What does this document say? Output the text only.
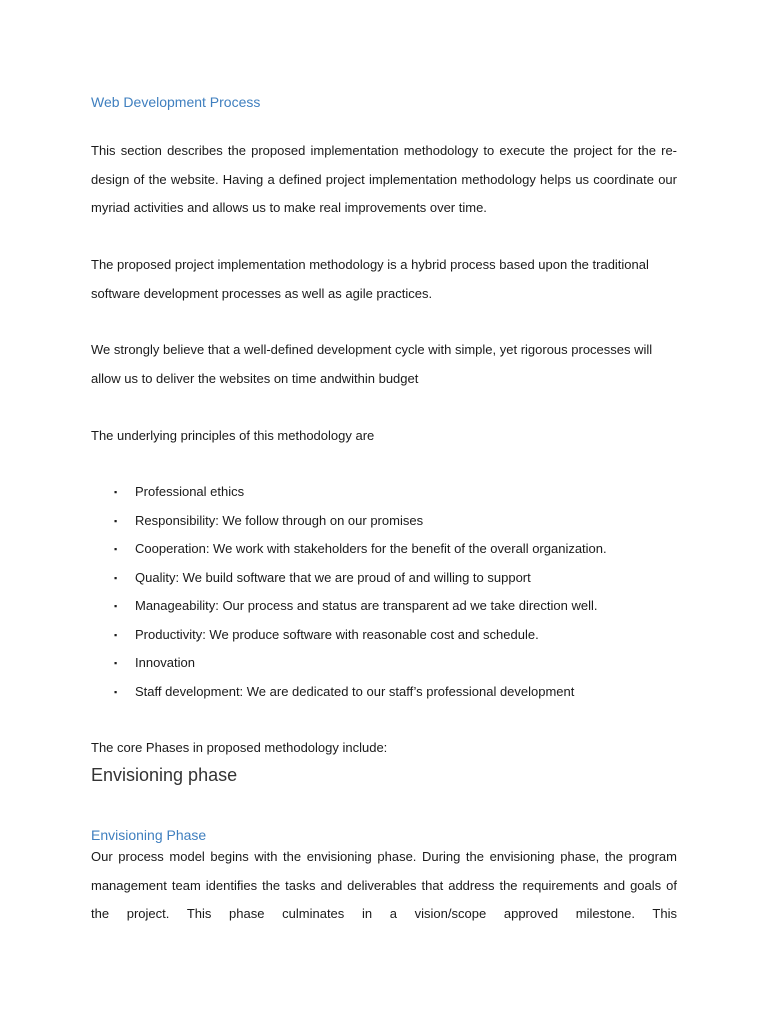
Web Development Process

This section describes the proposed implementation methodology to execute the project for the re-design of the website. Having a defined project implementation methodology helps us coordinate our myriad activities and allows us to make real improvements over time.

The proposed project implementation methodology is a hybrid process based upon the traditional software development processes as well as agile practices.

We strongly believe that a well-defined development cycle with simple, yet rigorous processes will allow us to deliver the websites on time andwithin budget

The underlying principles of this methodology are

▪ Professional ethics
▪ Responsibility: We follow through on our promises
▪ Cooperation: We work with stakeholders for the benefit of the overall organization.
▪ Quality: We build software that we are proud of and willing to support
▪ Manageability: Our process and status are transparent ad we take direction well.
▪ Productivity: We produce software with reasonable cost and schedule.
▪ Innovation
▪ Staff development: We are dedicated to our staff’s professional development

The core Phases in proposed methodology include:

Envisioning phase
Envisioning Phase

Our process model begins with the envisioning phase. During the envisioning phase, the program management team identifies the tasks and deliverables that address the requirements and goals of the project. This phase culminates in a vision/scope approved milestone. This
